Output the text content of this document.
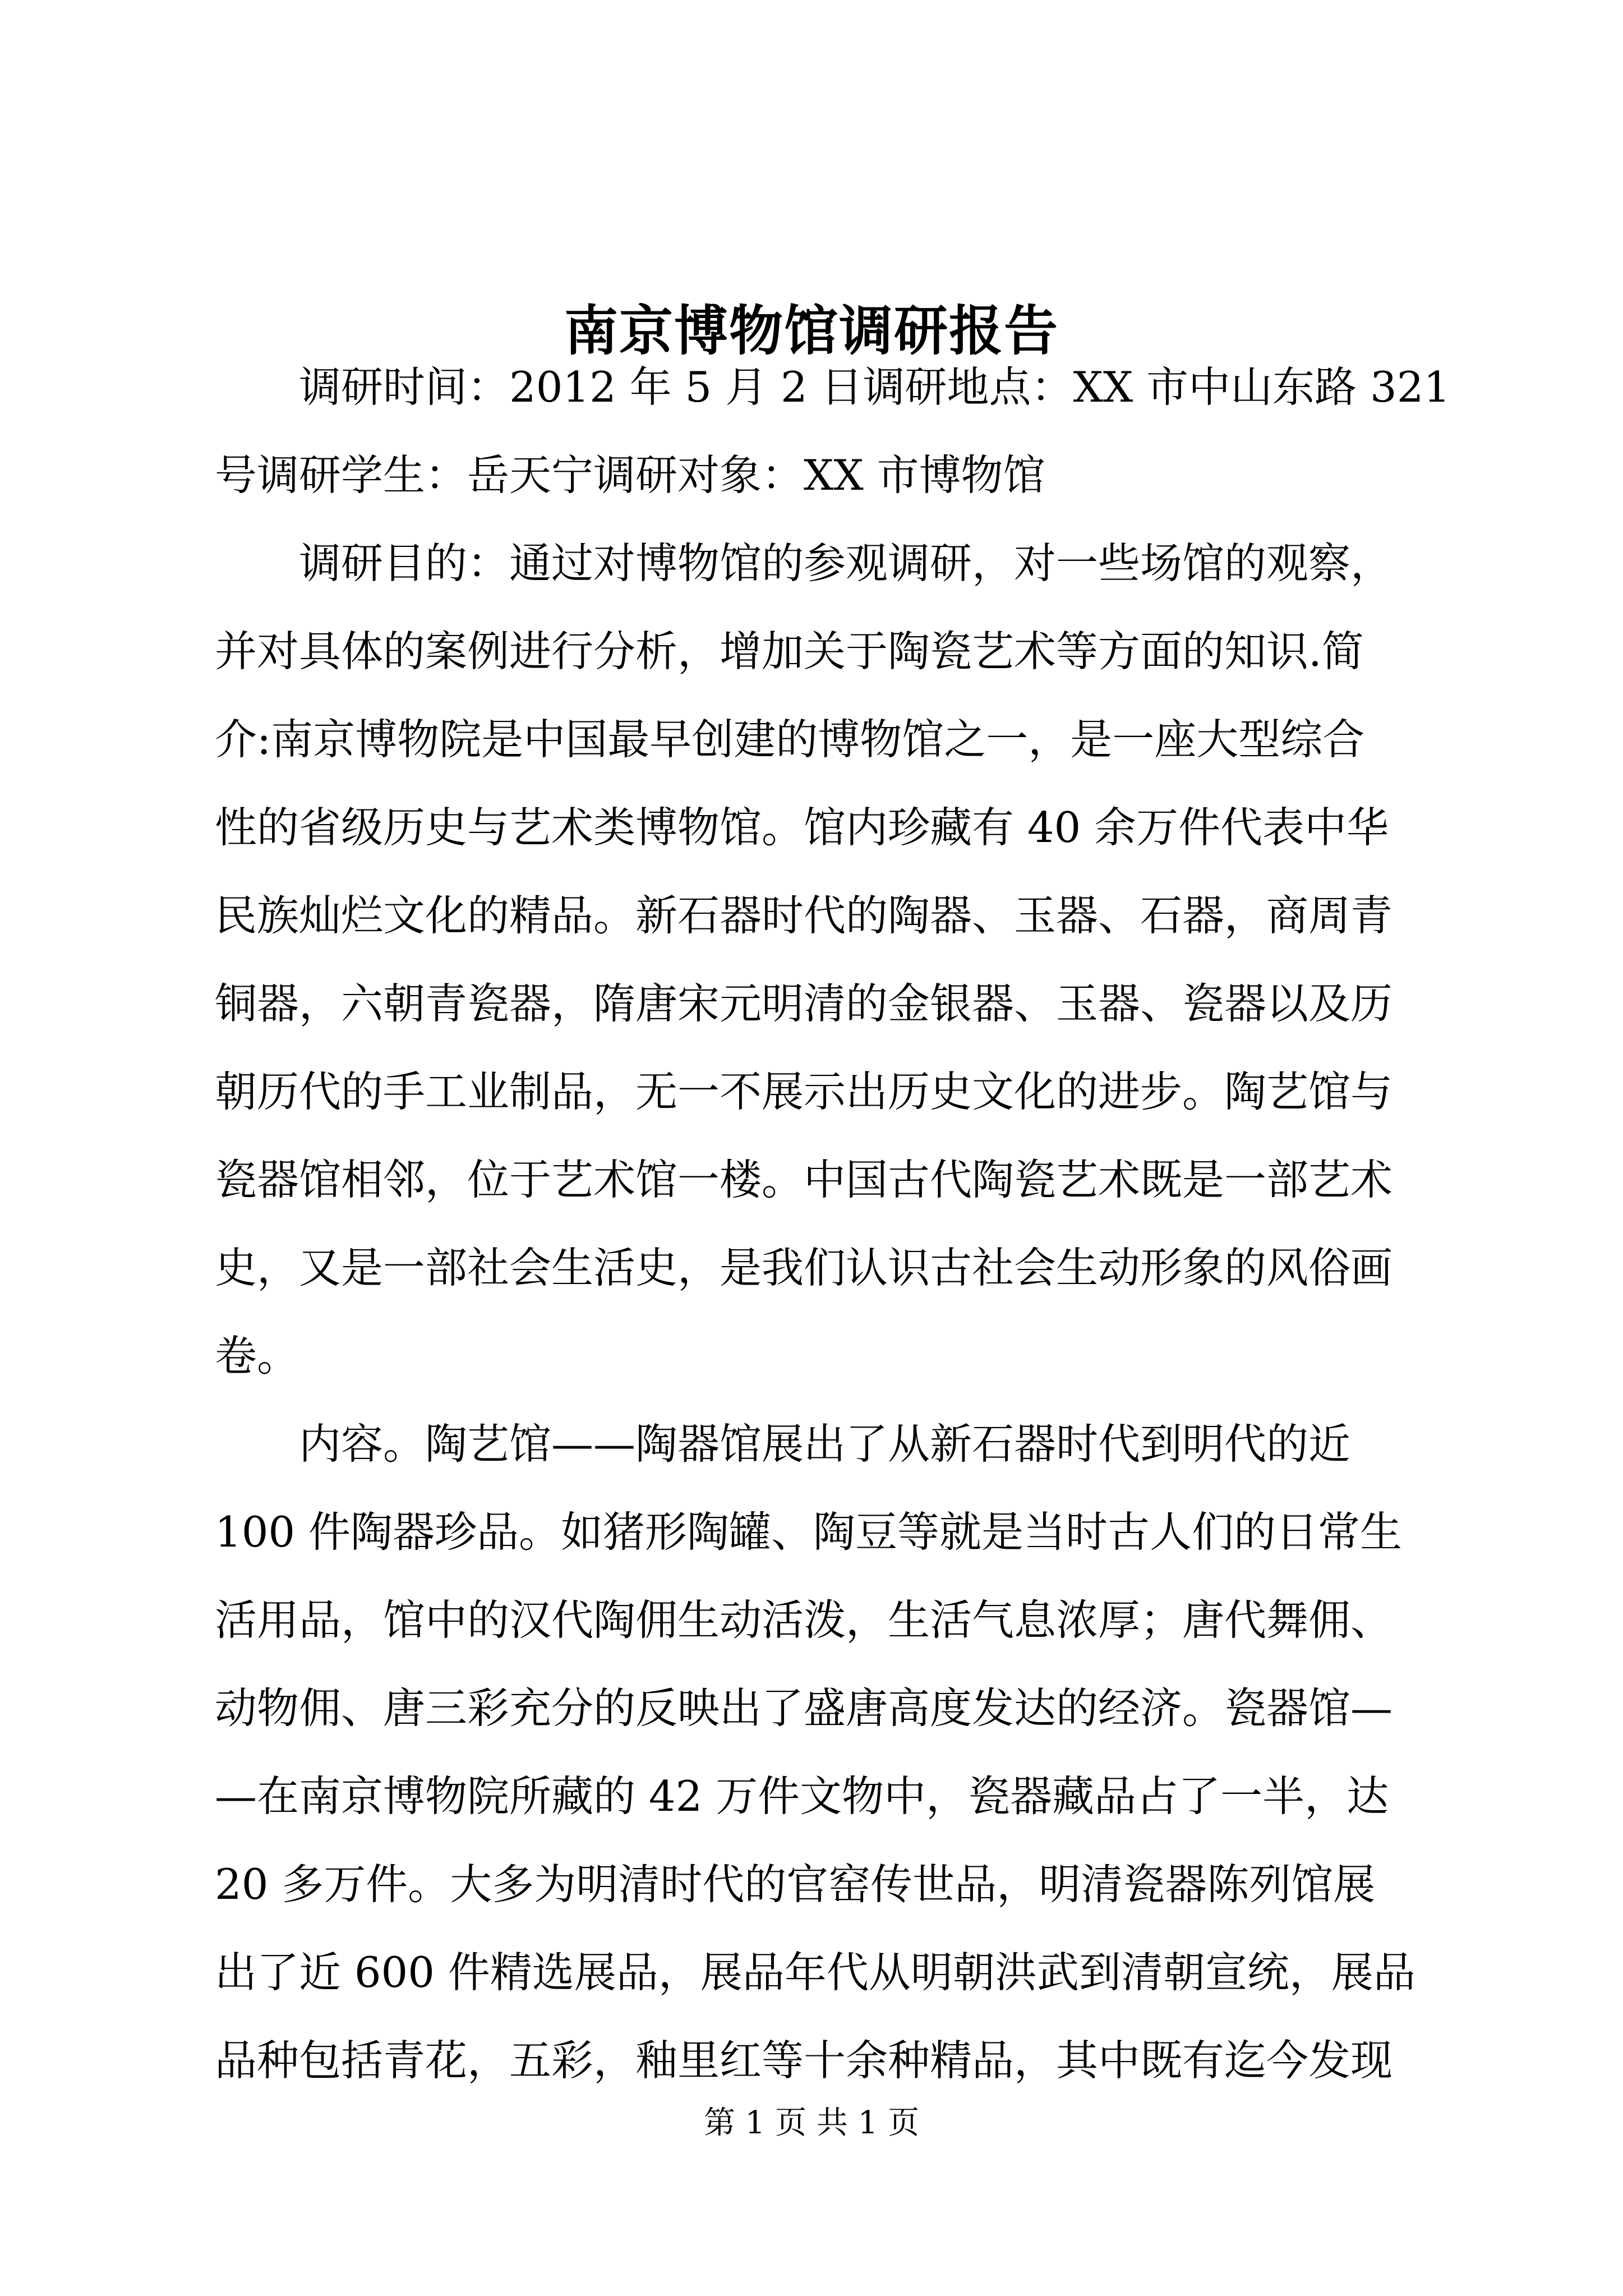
南京博物馆调研报告
　　调研时间：2012 年 5 月 2 日调研地点：XX 市中山东路 321
号调研学生：岳天宁调研对象：XX 市博物馆
　　调研目的：通过对博物馆的参观调研，对一些场馆的观察，
并对具体的案例进行分析，增加关于陶瓷艺术等方面的知识.简
介:南京博物院是中国最早创建的博物馆之一，是一座大型综合
性的省级历史与艺术类博物馆。馆内珍藏有 40 余万件代表中华
民族灿烂文化的精品。新石器时代的陶器、玉器、石器，商周青
铜器，六朝青瓷器，隋唐宋元明清的金银器、玉器、瓷器以及历
朝历代的手工业制品，无一不展示出历史文化的进步。陶艺馆与
瓷器馆相邻，位于艺术馆一楼。中国古代陶瓷艺术既是一部艺术
史，又是一部社会生活史，是我们认识古社会生动形象的风俗画
卷。
　　内容。陶艺馆——陶器馆展出了从新石器时代到明代的近
100 件陶器珍品。如猪形陶罐、陶豆等就是当时古人们的日常生
活用品，馆中的汉代陶佣生动活泼，生活气息浓厚；唐代舞佣、
动物佣、唐三彩充分的反映出了盛唐高度发达的经济。瓷器馆—
—在南京博物院所藏的 42 万件文物中，瓷器藏品占了一半，达
20 多万件。大多为明清时代的官窑传世品，明清瓷器陈列馆展
出了近 600 件精选展品，展品年代从明朝洪武到清朝宣统，展品
品种包括青花，五彩，釉里红等十余种精品，其中既有迄今发现
第 1 页 共 1 页
